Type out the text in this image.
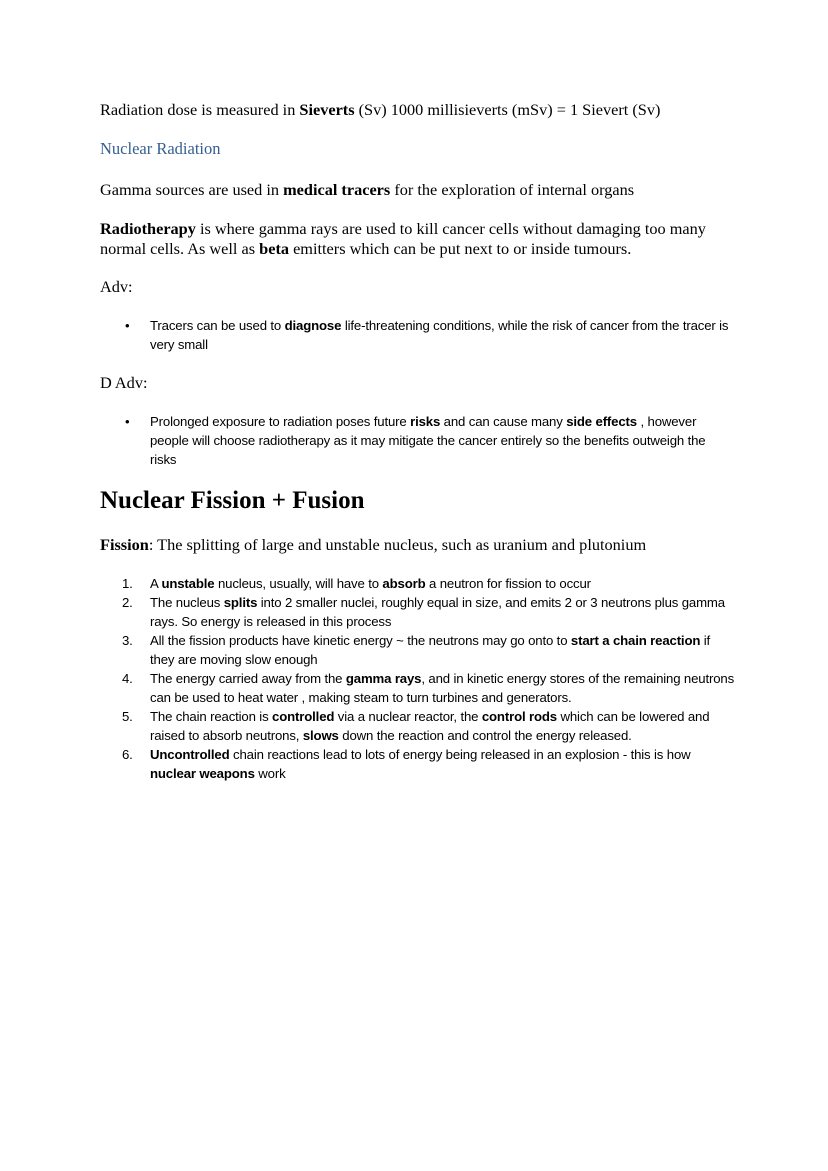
Radiation dose is measured in Sieverts (Sv) 1000 millisieverts (mSv) = 1 Sievert (Sv)
Nuclear Radiation
Gamma sources are used in medical tracers for the exploration of internal organs
Radiotherapy is where gamma rays are used to kill cancer cells without damaging too many normal cells. As well as beta emitters which can be put next to or inside tumours.
Adv:
• Tracers can be used to diagnose life-threatening conditions, while the risk of cancer from the tracer is very small
D Adv:
• Prolonged exposure to radiation poses future risks and can cause many side effects , however people will choose radiotherapy as it may mitigate the cancer entirely so the benefits outweigh the risks
Nuclear Fission + Fusion
Fission: The splitting of large and unstable nucleus, such as uranium and plutonium
1. A unstable nucleus, usually, will have to absorb a neutron for fission to occur
2. The nucleus splits into 2 smaller nuclei, roughly equal in size, and emits 2 or 3 neutrons plus gamma rays. So energy is released in this process
3. All the fission products have kinetic energy ~ the neutrons may go onto to start a chain reaction if they are moving slow enough
4. The energy carried away from the gamma rays, and in kinetic energy stores of the remaining neutrons can be used to heat water , making steam to turn turbines and generators.
5. The chain reaction is controlled via a nuclear reactor, the control rods which can be lowered and raised to absorb neutrons, slows down the reaction and control the energy released.
6. Uncontrolled chain reactions lead to lots of energy being released in an explosion - this is how nuclear weapons work
